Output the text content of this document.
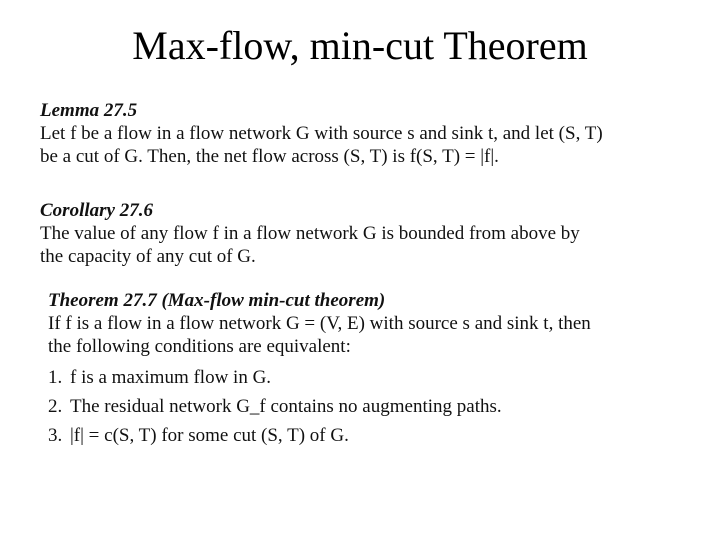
Max-flow, min-cut Theorem
Lemma 27.5
Let f be a flow in a flow network G with source s and sink t, and let (S, T)
be a cut of G. Then, the net flow across (S, T) is f(S, T) = |f|.
Corollary 27.6
The value of any flow f in a flow network G is bounded from above by
the capacity of any cut of G.
Theorem 27.7 (Max-flow min-cut theorem)
If f is a flow in a flow network G = (V, E) with source s and sink t, then
the following conditions are equivalent:
1. f is a maximum flow in G.
2. The residual network G_f contains no augmenting paths.
3. |f| = c(S, T) for some cut (S, T) of G.
